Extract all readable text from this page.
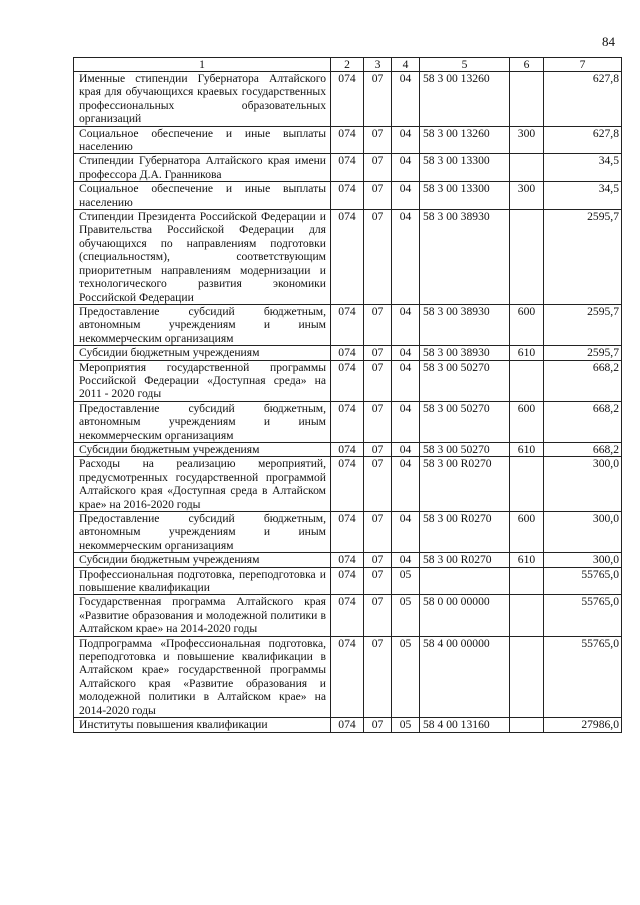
84
1	2	3	4	5	6	7
Именные стипендии Губернатора Алтайского края для обучающихся краевых государственных профессиональных образовательных организаций	074	07	04	58 3 00 13260		627,8
Социальное обеспечение и иные выплаты населению	074	07	04	58 3 00 13260	300	627,8
Стипендии Губернатора Алтайского края имени профессора Д.А. Гранникова	074	07	04	58 3 00 13300		34,5
Социальное обеспечение и иные выплаты населению	074	07	04	58 3 00 13300	300	34,5
Стипендии Президента Российской Федерации и Правительства Российской Федерации для обучающихся по направлениям подготовки (специальностям), соответствующим приоритетным направлениям модернизации и технологического развития экономики Российской Федерации	074	07	04	58 3 00 38930		2595,7
Предоставление субсидий бюджетным, автономным учреждениям и иным некоммерческим организациям	074	07	04	58 3 00 38930	600	2595,7
Субсидии бюджетным учреждениям	074	07	04	58 3 00 38930	610	2595,7
Мероприятия государственной программы Российской Федерации «Доступная среда» на 2011 - 2020 годы	074	07	04	58 3 00 50270		668,2
Предоставление субсидий бюджетным, автономным учреждениям и иным некоммерческим организациям	074	07	04	58 3 00 50270	600	668,2
Субсидии бюджетным учреждениям	074	07	04	58 3 00 50270	610	668,2
Расходы на реализацию мероприятий, предусмотренных государственной программой Алтайского края «Доступная среда в Алтайском крае» на 2016-2020 годы	074	07	04	58 3 00 R0270		300,0
Предоставление субсидий бюджетным, автономным учреждениям и иным некоммерческим организациям	074	07	04	58 3 00 R0270	600	300,0
Субсидии бюджетным учреждениям	074	07	04	58 3 00 R0270	610	300,0
Профессиональная подготовка, переподготовка и повышение квалификации	074	07	05			55765,0
Государственная программа Алтайского края «Развитие образования и молодежной политики в Алтайском крае» на 2014-2020 годы	074	07	05	58 0 00 00000		55765,0
Подпрограмма «Профессиональная подготовка, переподготовка и повышение квалификации в Алтайском крае» государственной программы Алтайского края «Развитие образования и молодежной политики в Алтайском крае» на 2014-2020 годы	074	07	05	58 4 00 00000		55765,0
Институты повышения квалификации	074	07	05	58 4 00 13160		27986,0
